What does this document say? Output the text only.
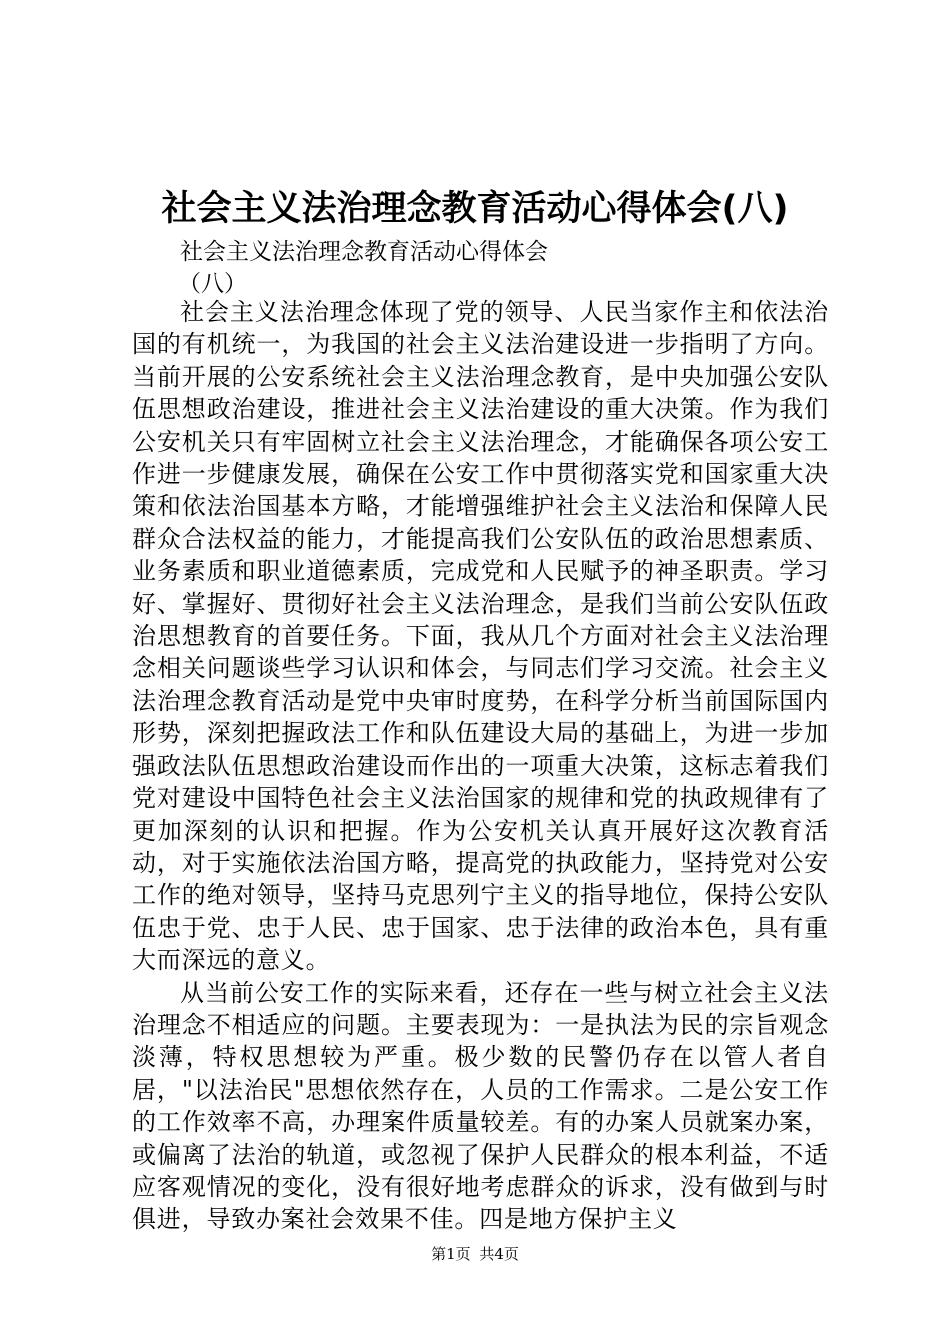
社会主义法治理念教育活动心得体会(八)

社会主义法治理念教育活动心得体会

（八）

社会主义法治理念体现了党的领导、人民当家作主和依法治国的有机统一，为我国的社会主义法治建设进一步指明了方向。当前开展的公安系统社会主义法治理念教育，是中央加强公安队伍思想政治建设，推进社会主义法治建设的重大决策。作为我们公安机关只有牢固树立社会主义法治理念，才能确保各项公安工作进一步健康发展，确保在公安工作中贯彻落实党和国家重大决策和依法治国基本方略，才能增强维护社会主义法治和保障人民群众合法权益的能力，才能提高我们公安队伍的政治思想素质、业务素质和职业道德素质，完成党和人民赋予的神圣职责。学习好、掌握好、贯彻好社会主义法治理念，是我们当前公安队伍政治思想教育的首要任务。下面，我从几个方面对社会主义法治理念相关问题谈些学习认识和体会，与同志们学习交流。社会主义法治理念教育活动是党中央审时度势，在科学分析当前国际国内形势，深刻把握政法工作和队伍建设大局的基础上，为进一步加强政法队伍思想政治建设而作出的一项重大决策，这标志着我们党对建设中国特色社会主义法治国家的规律和党的执政规律有了更加深刻的认识和把握。作为公安机关认真开展好这次教育活动，对于实施依法治国方略，提高党的执政能力，坚持党对公安工作的绝对领导，坚持马克思列宁主义的指导地位，保持公安队伍忠于党、忠于人民、忠于国家、忠于法律的政治本色，具有重大而深远的意义。

从当前公安工作的实际来看，还存在一些与树立社会主义法治理念不相适应的问题。主要表现为：一是执法为民的宗旨观念淡薄，特权思想较为严重。极少数的民警仍存在以管人者自居，"以法治民"思想依然存在，人员的工作需求。二是公安工作的工作效率不高，办理案件质量较差。有的办案人员就案办案，或偏离了法治的轨道，或忽视了保护人民群众的根本利益，不适应客观情况的变化，没有很好地考虑群众的诉求，没有做到与时俱进，导致办案社会效果不佳。四是地方保护主义

第1页 共4页
